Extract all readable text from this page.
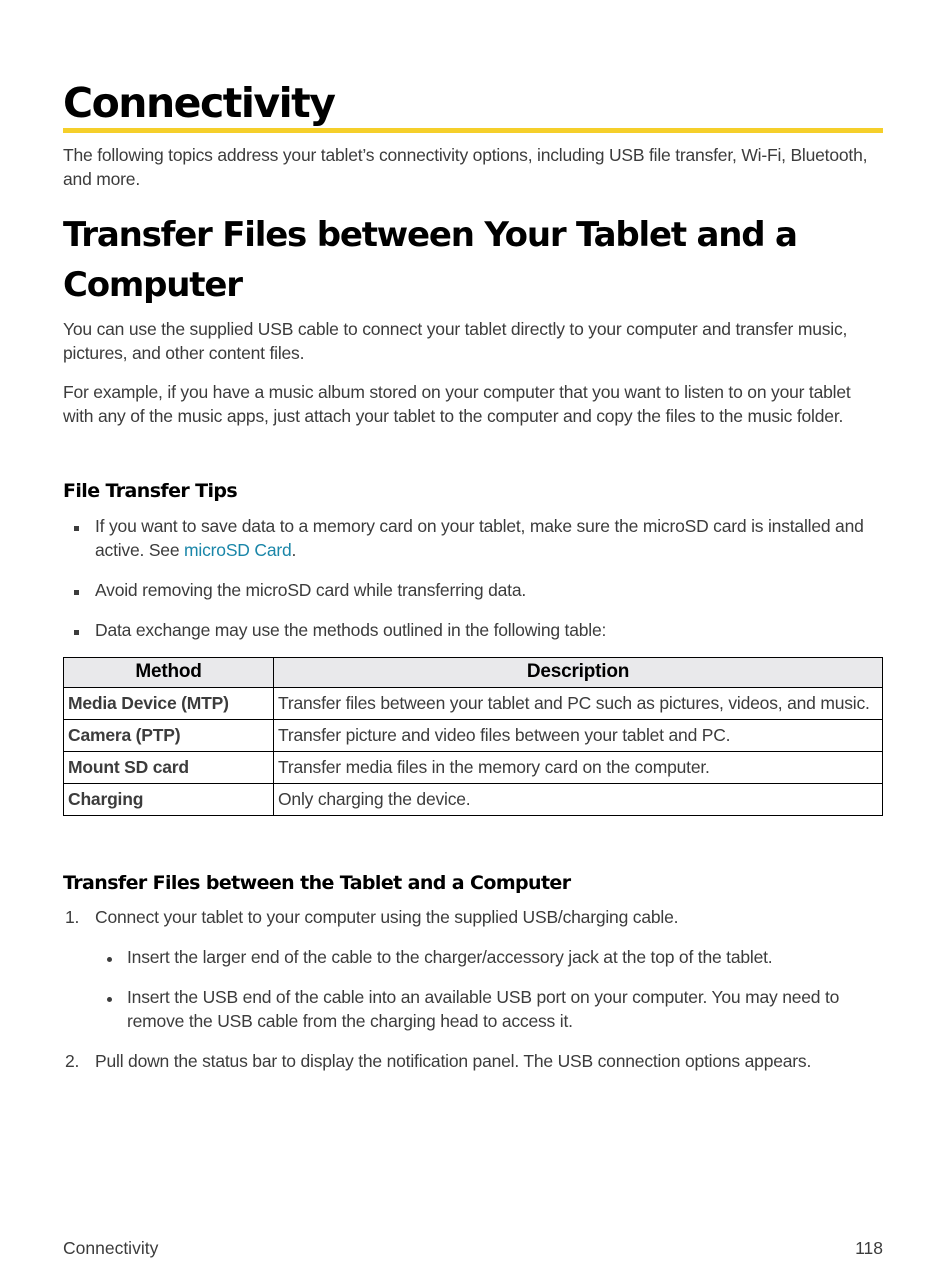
Connectivity

The following topics address your tablet’s connectivity options, including USB file transfer, Wi-Fi, Bluetooth, and more.

Transfer Files between Your Tablet and a
Computer

You can use the supplied USB cable to connect your tablet directly to your computer and transfer music, pictures, and other content files.

For example, if you have a music album stored on your computer that you want to listen to on your tablet with any of the music apps, just attach your tablet to the computer and copy the files to the music folder.

File Transfer Tips
If you want to save data to a memory card on your tablet, make sure the microSD card is installed and active. See microSD Card.
Avoid removing the microSD card while transferring data.
Data exchange may use the methods outlined in the following table:
Method	Description
Media Device (MTP)	Transfer files between your tablet and PC such as pictures, videos, and music.
Camera (PTP)	Transfer picture and video files between your tablet and PC.
Mount SD card	Transfer media files in the memory card on the computer.
Charging	Only charging the device.
Transfer Files between the Tablet and a Computer
1. Connect your tablet to your computer using the supplied USB/charging cable.
Insert the larger end of the cable to the charger/accessory jack at the top of the tablet.
Insert the USB end of the cable into an available USB port on your computer. You may need to remove the USB cable from the charging head to access it.
2. Pull down the status bar to display the notification panel. The USB connection options appears.
Connectivity	118
